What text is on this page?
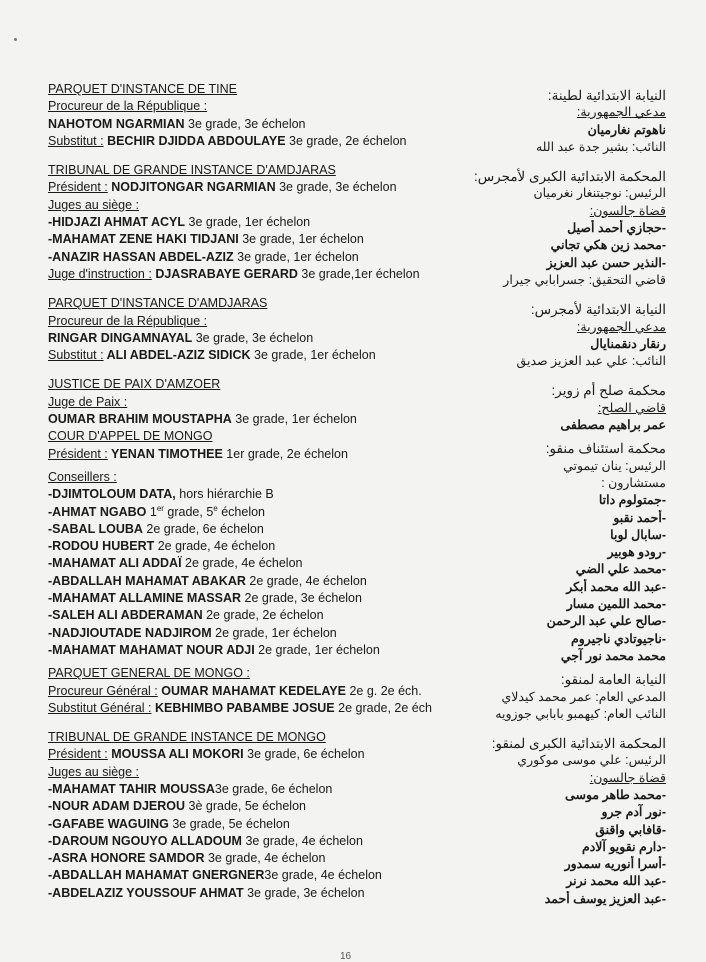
PARQUET D'INSTANCE DE TINE
Procureur de la République :
NAHOTOM NGARMIAN 3e grade, 3e échelon
Substitut : BECHIR DJIDDA ABDOULAYE 3e grade, 2e échelon
TRIBUNAL DE GRANDE INSTANCE D'AMDJARAS
Président : NODJITONGAR NGARMIAN 3e grade, 3e échelon
Juges au siège :
-HIDJAZI AHMAT ACYL 3e grade, 1er échelon
-MAHAMAT ZENE HAKI TIDJANI 3e grade, 1er échelon
-ANAZIR HASSAN ABDEL-AZIZ 3e grade, 1er échelon
Juge d'instruction : DJASRABAYE GERARD 3e grade,1er échelon
PARQUET D'INSTANCE D'AMDJARAS
Procureur de la République :
RINGAR DINGAMNAYAL 3e grade, 3e échelon
Substitut : ALI ABDEL-AZIZ SIDICK 3e grade, 1er échelon
JUSTICE DE PAIX D'AMZOER
Juge de Paix :
OUMAR BRAHIM MOUSTAPHA 3e grade, 1er échelon
COUR D'APPEL DE MONGO
Président : YENAN TIMOTHEE 1er grade, 2e échelon
Conseillers :
-DJIMTOLOUM DATA, hors hiérarchie B
-AHMAT NGABO 1er grade, 5e échelon
-SABAL LOUBA 2e grade, 6e échelon
-RODOU HUBERT 2e grade, 4e échelon
-MAHAMAT ALI ADDAÏ 2e grade, 4e échelon
-ABDALLAH MAHAMAT ABAKAR 2e grade, 4e échelon
-MAHAMAT ALLAMINE MASSAR 2e grade, 3e échelon
-SALEH ALI ABDERAMAN 2e grade, 2e échelon
-NADJIOUTADE NADJIROM 2e grade, 1er échelon
-MAHAMAT MAHAMAT NOUR ADJI 2e grade, 1er échelon
PARQUET GENERAL DE MONGO :
Procureur Général : OUMAR MAHAMAT KEDELAYE 2e g. 2e éch.
Substitut Général : KEBHIMBO PABAMBE JOSUE 2e grade, 2e éch
TRIBUNAL DE GRANDE INSTANCE DE MONGO
Président : MOUSSA ALI MOKORI 3e grade, 6e échelon
Juges au siège :
-MAHAMAT TAHIR MOUSSA3e grade, 6e échelon
-NOUR ADAM DJEROU 3è grade, 5e échelon
-GAFABE WAGUING 3e grade, 5e échelon
-DAROUM NGOUYO ALLADOUM 3e grade, 4e échelon
-ASRA HONORE SAMDOR 3e grade, 4e échelon
-ABDALLAH MAHAMAT GNERGNER3e grade, 4e échelon
-ABDELAZIZ YOUSSOUF AHMAT 3e grade, 3e échelon
النيابة الابتدائية لطينة:
مدعي الجمهورية:
ناهوتم نغارميان
النائب: بشير جدة عبد الله
المحكمة الابتدائية الكبرى لأمجرس:
الرئيس: نوجيتنغار نغرميان
قضاة جالسون:
-حجازي أحمد أصيل
-محمد زين هكي تجاني
-النذير حسن عبد العزيز
قاضي التحقيق: جسرابابي جيرار
النيابة الابتدائية لأمجرس:
مدعي الجمهورية:
رنقار دنقمنايال
النائب: علي عبد العزيز صديق
محكمة صلح أم زوير:
قاضي الصلح:
عمر براهيم مصطفى
محكمة استئناف منقو:
الرئيس: ينان تيموتي
مستشارون :
-جمتولوم داتا
-أحمد نقبو
-سابال لوبا
-رودو هوبير
-محمد علي الضي
-عبد الله محمد أبكر
-محمد اللمين مسار
-صالح علي عبد الرحمن
-ناجيوتادي ناجيروم
محمد محمد نور آجي
النيابة العامة لمنقو:
المدعي العام: عمر محمد كيدلاي
النائب العام: كيهمبو بابابي جوزويه
المحكمة الابتدائية الكبرى لمنقو:
الرئيس: علي موسى موكوري
قضاة جالسون:
-محمد طاهر موسى
-نور آدم جرو
-قافابي واقنق
-دارم نقويو آلادم
-أسرا أنوريه سمدور
-عبد الله محمد نرنر
-عبد العزيز يوسف أحمد
16
